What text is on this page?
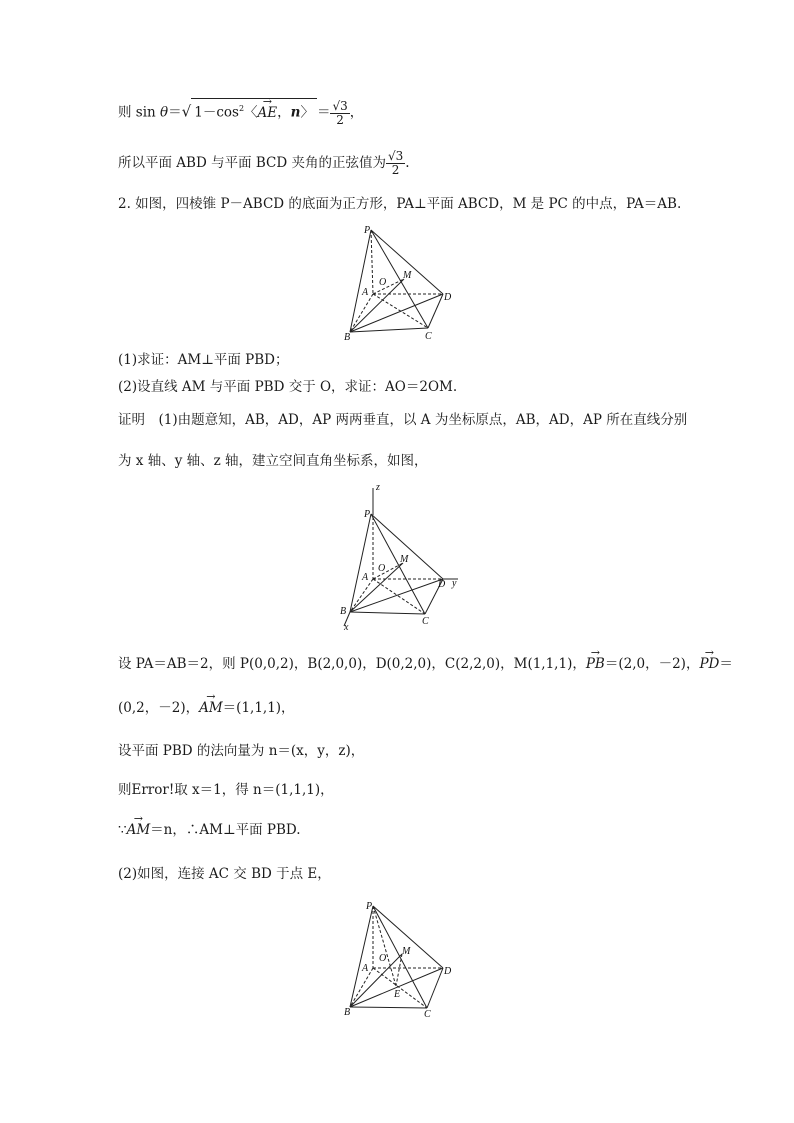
则 sin θ＝√ $1-\cos^2$〈→ AE，n〉 ＝ $\frac{√3}{2}$ ，
所以平面 ABD 与平面 BCD 夹角的正弦值为 $\frac{√3}{2}$ .
2. 如图，四棱锥 P－ABCD 的底面为正方形，PA⊥平面 ABCD，M 是 PC 的中点，PA＝AB.
P
A
B	C
D
M
O
(1)求证：AM⊥平面 PBD；
(2)设直线 AM 与平面 PBD 交于 O，求证：AO＝2OM.
证明　(1)由题意知，AB，AD，AP 两两垂直，以 A 为坐标原点，AB，AD，AP 所在直线分别
为 x 轴、y 轴、z 轴，建立空间直角坐标系，如图，
z
y
x
P
A
B
C
D
M
O
设 PA＝AB＝2，则 P(0,0,2)，B(2,0,0)，D(0,2,0)，C(2,2,0)，M(1,1,1)，→ PB＝(2,0，－2)，→ PD＝
(0,2，－2)，→ AM＝(1,1,1)，
设平面 PBD 的法向量为 n＝(x，y，z)，
则Error!取 x＝1，得 n＝(1,1,1)，
∵→ AM＝n，∴AM⊥平面 PBD.
(2)如图，连接 AC 交 BD 于点 E，
P
A
B	C
D
M
O
E
